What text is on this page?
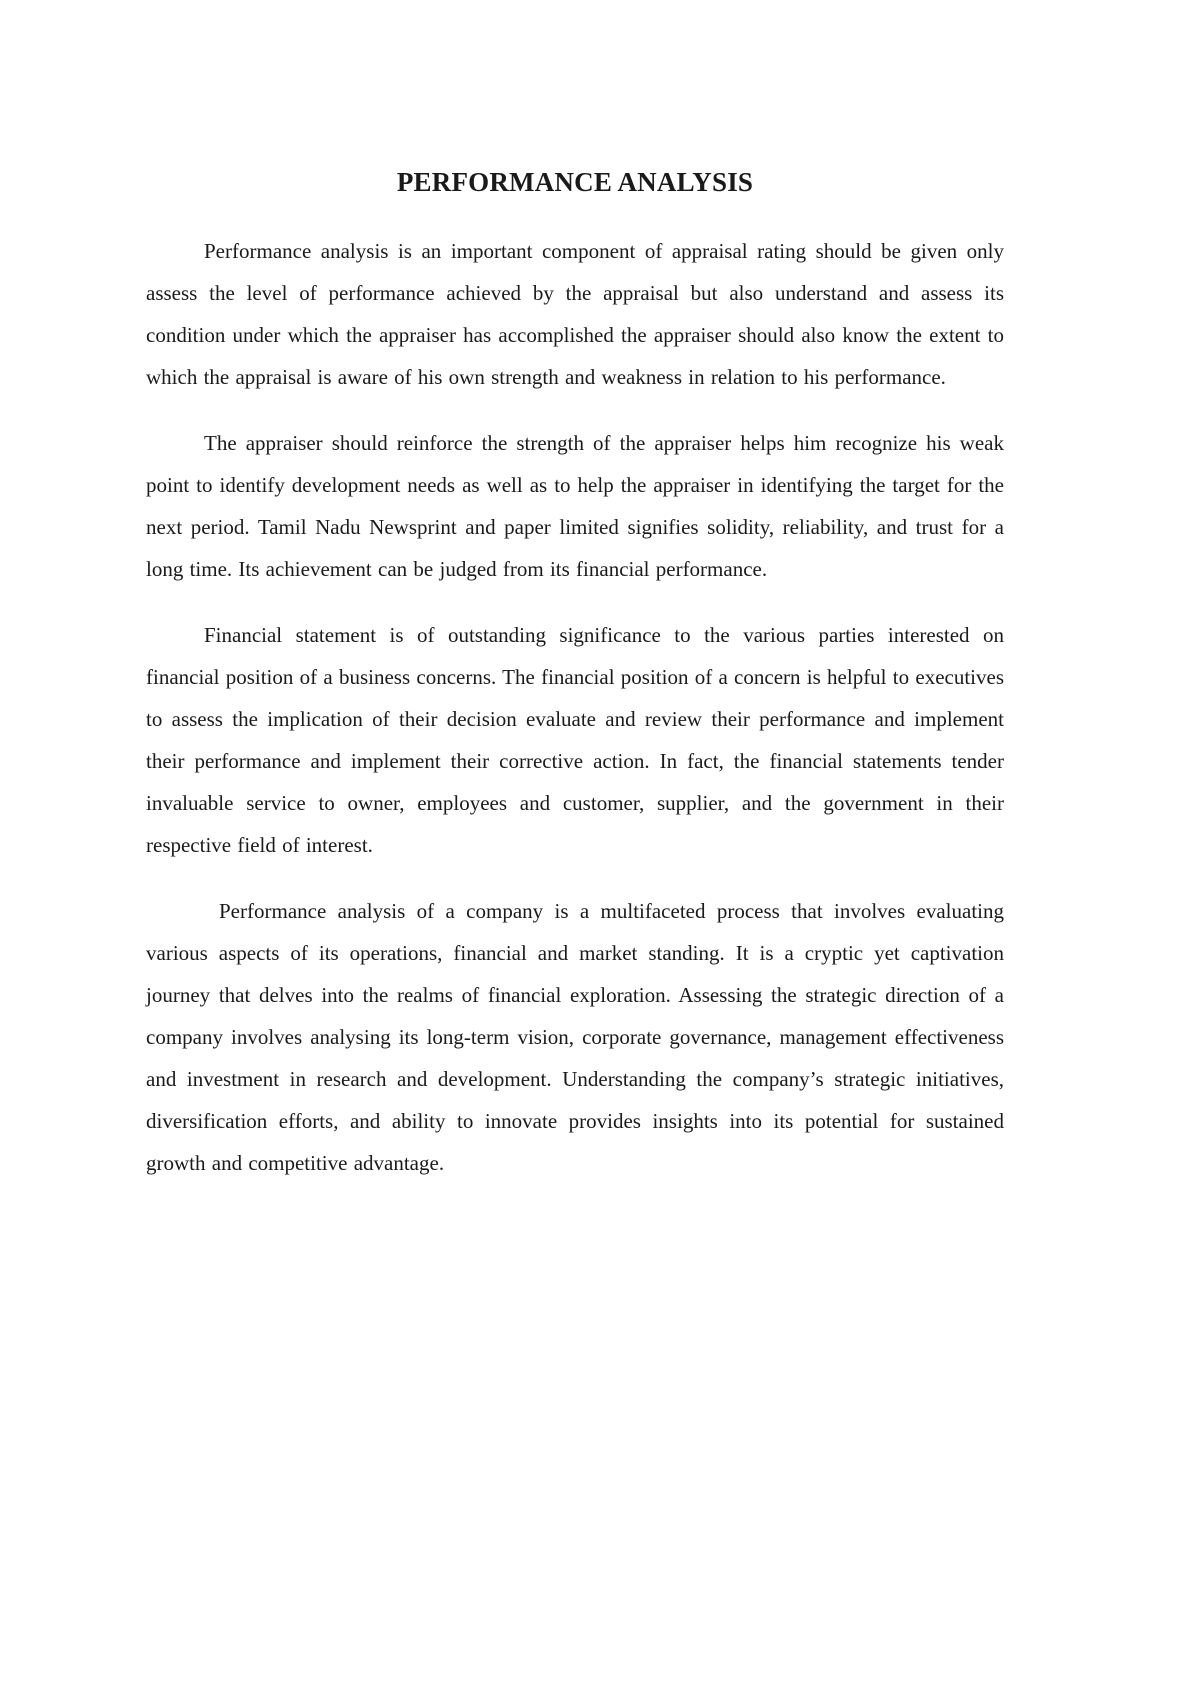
PERFORMANCE ANALYSIS

Performance analysis is an important component of appraisal rating should be given only assess the level of performance achieved by the appraisal but also understand and assess its condition under which the appraiser has accomplished the appraiser should also know the extent to which the appraisal is aware of his own strength and weakness in relation to his performance.

The appraiser should reinforce the strength of the appraiser helps him recognize his weak point to identify development needs as well as to help the appraiser in identifying the target for the next period. Tamil Nadu Newsprint and paper limited signifies solidity, reliability, and trust for a long time. Its achievement can be judged from its financial performance.

Financial statement is of outstanding significance to the various parties interested on financial position of a business concerns. The financial position of a concern is helpful to executives to assess the implication of their decision evaluate and review their performance and implement their performance and implement their corrective action. In fact, the financial statements tender invaluable service to owner, employees and customer, supplier, and the government in their respective field of interest.

Performance analysis of a company is a multifaceted process that involves evaluating various aspects of its operations, financial and market standing. It is a cryptic yet captivation journey that delves into the realms of financial exploration. Assessing the strategic direction of a company involves analysing its long-term vision, corporate governance, management effectiveness and investment in research and development. Understanding the company’s strategic initiatives, diversification efforts, and ability to innovate provides insights into its potential for sustained growth and competitive advantage.
